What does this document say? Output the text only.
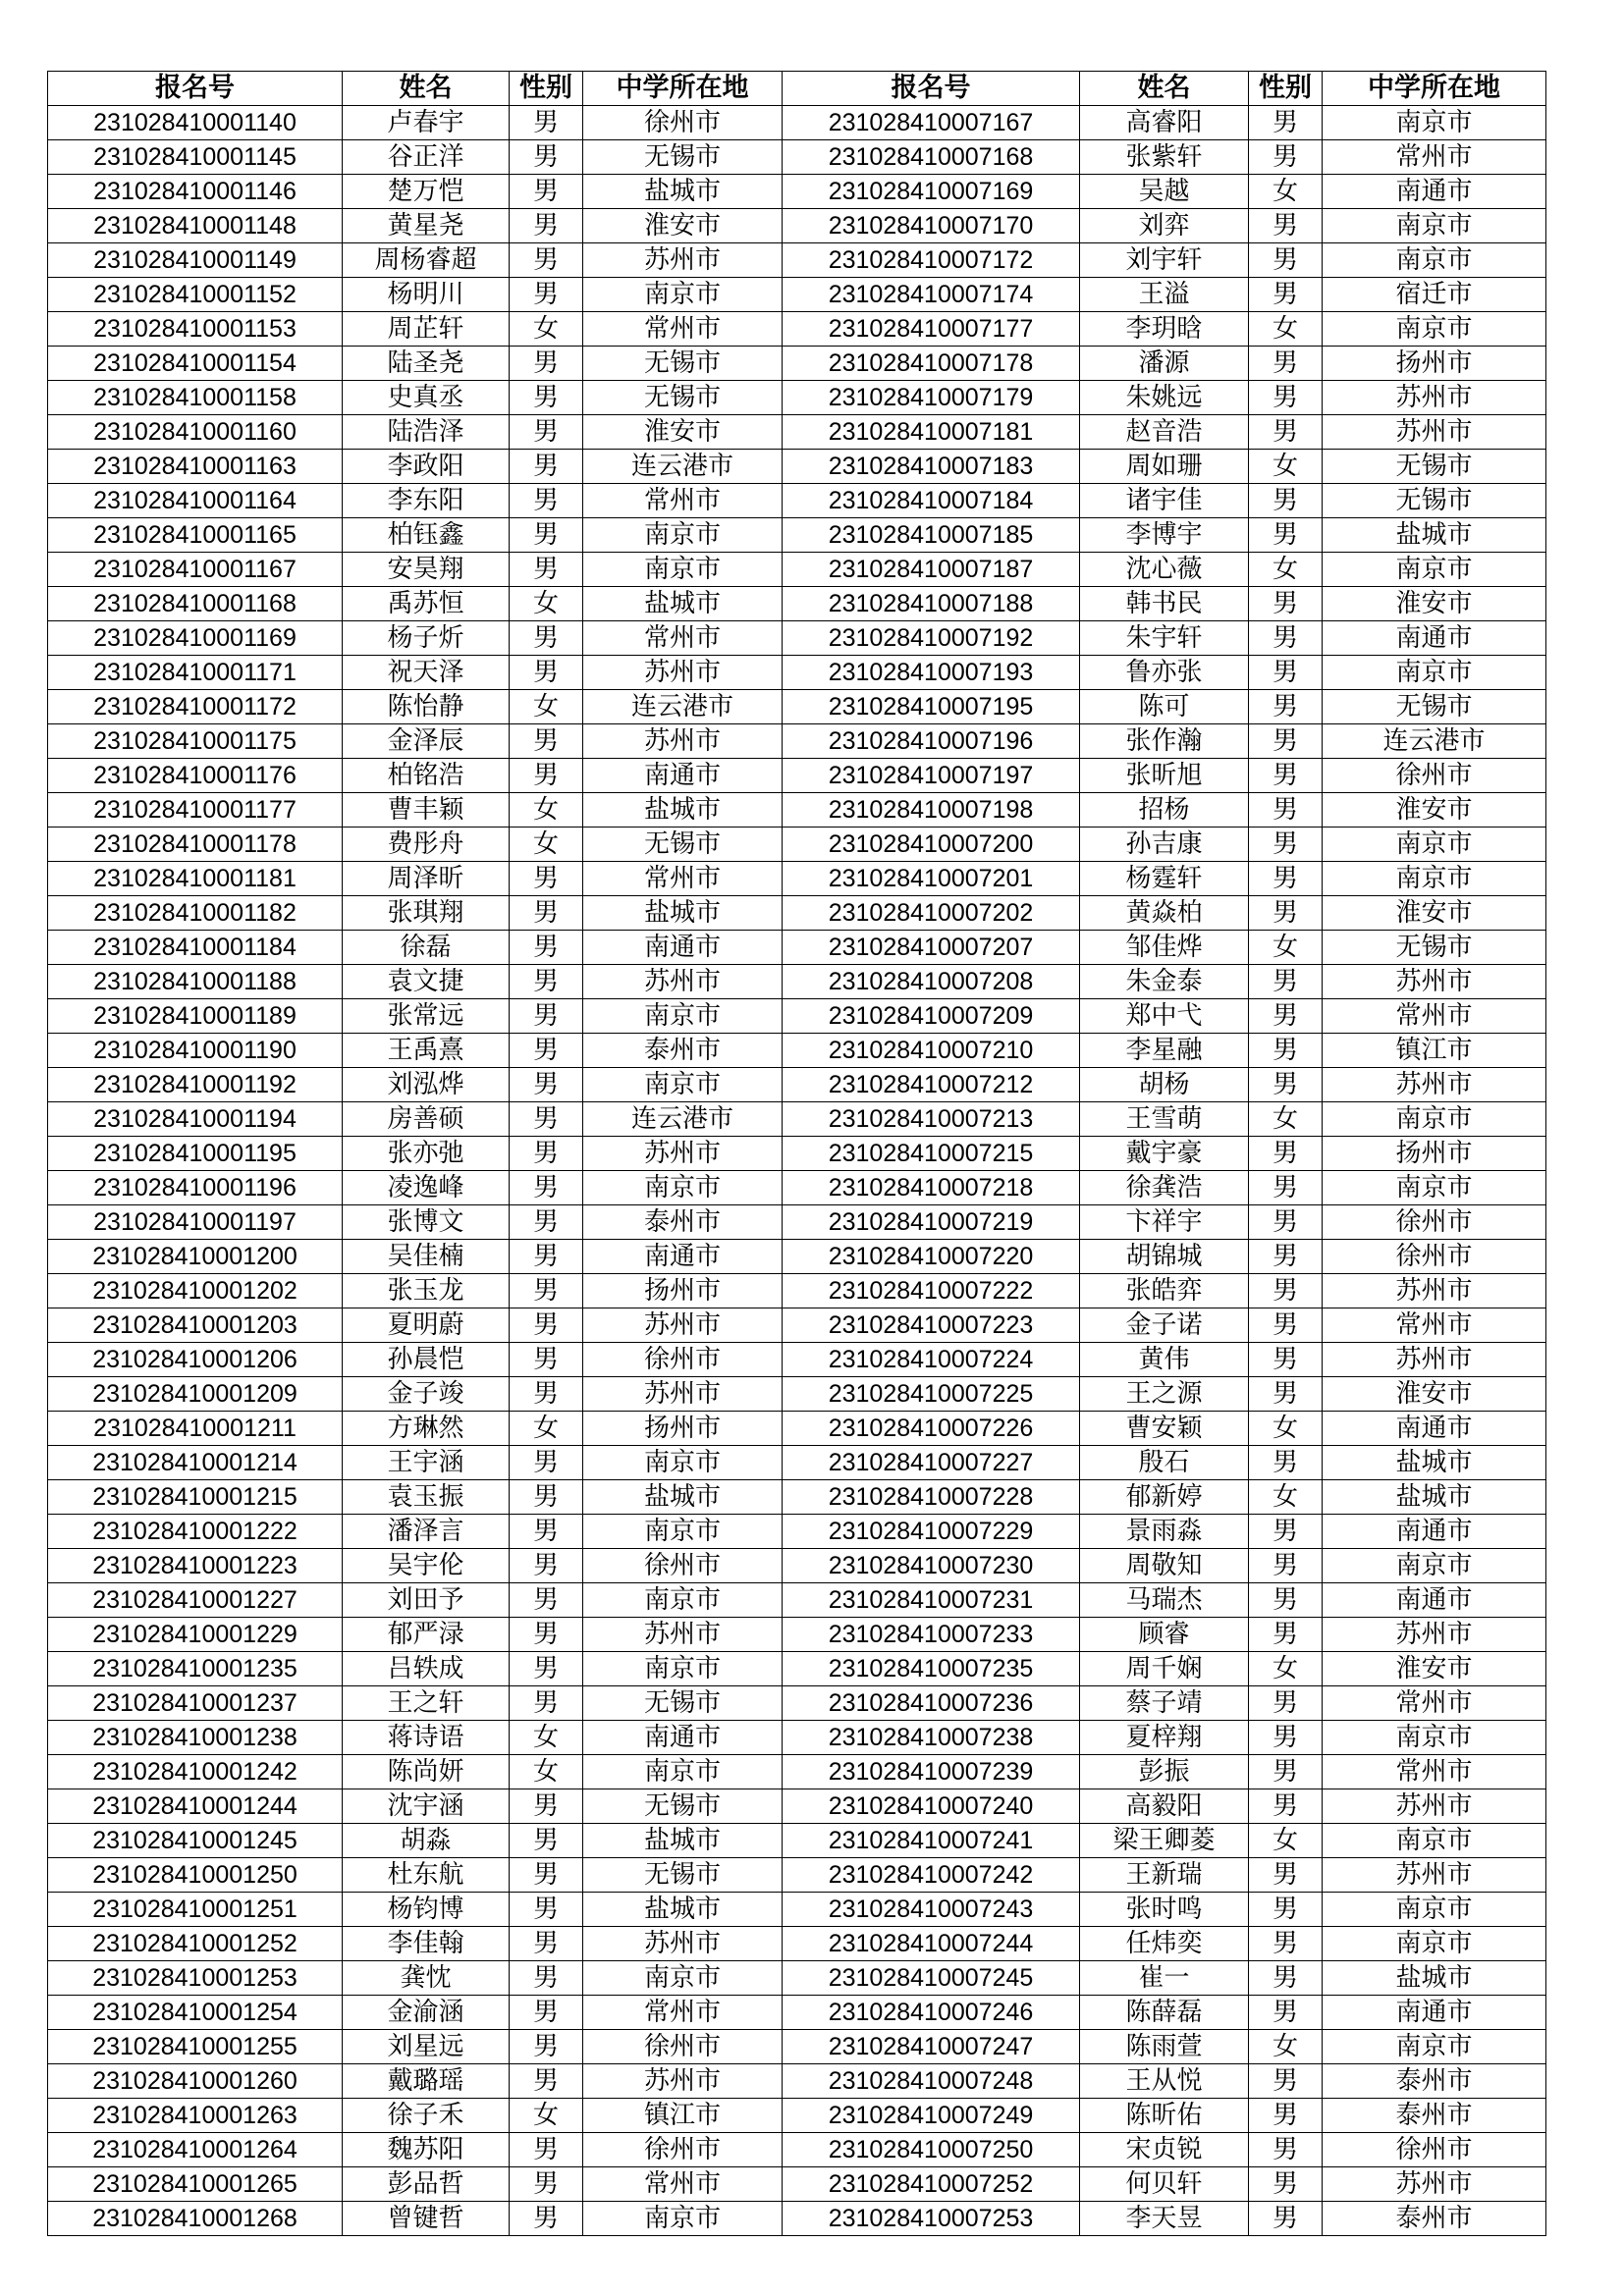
报名号	姓名	性别	中学所在地	报名号	姓名	性别	中学所在地
231028410001140	卢春宇	男	徐州市	231028410007167	高睿阳	男	南京市
231028410001145	谷正洋	男	无锡市	231028410007168	张紫轩	男	常州市
231028410001146	楚万恺	男	盐城市	231028410007169	吴越	女	南通市
231028410001148	黄星尧	男	淮安市	231028410007170	刘弈	男	南京市
231028410001149	周杨睿超	男	苏州市	231028410007172	刘宇轩	男	南京市
231028410001152	杨明川	男	南京市	231028410007174	王溢	男	宿迁市
231028410001153	周芷轩	女	常州市	231028410007177	李玥晗	女	南京市
231028410001154	陆圣尧	男	无锡市	231028410007178	潘源	男	扬州市
231028410001158	史真丞	男	无锡市	231028410007179	朱姚远	男	苏州市
231028410001160	陆浩泽	男	淮安市	231028410007181	赵音浩	男	苏州市
231028410001163	李政阳	男	连云港市	231028410007183	周如珊	女	无锡市
231028410001164	李东阳	男	常州市	231028410007184	诸宇佳	男	无锡市
231028410001165	柏钰鑫	男	南京市	231028410007185	李博宇	男	盐城市
231028410001167	安昊翔	男	南京市	231028410007187	沈心薇	女	南京市
231028410001168	禹苏恒	女	盐城市	231028410007188	韩书民	男	淮安市
231028410001169	杨子炘	男	常州市	231028410007192	朱宇轩	男	南通市
231028410001171	祝天泽	男	苏州市	231028410007193	鲁亦张	男	南京市
231028410001172	陈怡静	女	连云港市	231028410007195	陈可	男	无锡市
231028410001175	金泽辰	男	苏州市	231028410007196	张作瀚	男	连云港市
231028410001176	柏铭浩	男	南通市	231028410007197	张昕旭	男	徐州市
231028410001177	曹丰颖	女	盐城市	231028410007198	招杨	男	淮安市
231028410001178	费彤舟	女	无锡市	231028410007200	孙吉康	男	南京市
231028410001181	周泽昕	男	常州市	231028410007201	杨霆轩	男	南京市
231028410001182	张琪翔	男	盐城市	231028410007202	黄焱柏	男	淮安市
231028410001184	徐磊	男	南通市	231028410007207	邹佳烨	女	无锡市
231028410001188	袁文捷	男	苏州市	231028410007208	朱金泰	男	苏州市
231028410001189	张常远	男	南京市	231028410007209	郑中弋	男	常州市
231028410001190	王禹熹	男	泰州市	231028410007210	李星融	男	镇江市
231028410001192	刘泓烨	男	南京市	231028410007212	胡杨	男	苏州市
231028410001194	房善硕	男	连云港市	231028410007213	王雪萌	女	南京市
231028410001195	张亦弛	男	苏州市	231028410007215	戴宇豪	男	扬州市
231028410001196	凌逸峰	男	南京市	231028410007218	徐龚浩	男	南京市
231028410001197	张博文	男	泰州市	231028410007219	卞祥宇	男	徐州市
231028410001200	吴佳楠	男	南通市	231028410007220	胡锦城	男	徐州市
231028410001202	张玉龙	男	扬州市	231028410007222	张皓弈	男	苏州市
231028410001203	夏明蔚	男	苏州市	231028410007223	金子诺	男	常州市
231028410001206	孙晨恺	男	徐州市	231028410007224	黄伟	男	苏州市
231028410001209	金子竣	男	苏州市	231028410007225	王之源	男	淮安市
231028410001211	方琳然	女	扬州市	231028410007226	曹安颖	女	南通市
231028410001214	王宇涵	男	南京市	231028410007227	殷石	男	盐城市
231028410001215	袁玉振	男	盐城市	231028410007228	郁新婷	女	盐城市
231028410001222	潘泽言	男	南京市	231028410007229	景雨淼	男	南通市
231028410001223	吴宇伦	男	徐州市	231028410007230	周敬知	男	南京市
231028410001227	刘田予	男	南京市	231028410007231	马瑞杰	男	南通市
231028410001229	郁严渌	男	苏州市	231028410007233	顾睿	男	苏州市
231028410001235	吕轶成	男	南京市	231028410007235	周千娴	女	淮安市
231028410001237	王之轩	男	无锡市	231028410007236	蔡子靖	男	常州市
231028410001238	蒋诗语	女	南通市	231028410007238	夏梓翔	男	南京市
231028410001242	陈尚妍	女	南京市	231028410007239	彭振	男	常州市
231028410001244	沈宇涵	男	无锡市	231028410007240	高毅阳	男	苏州市
231028410001245	胡淼	男	盐城市	231028410007241	梁王卿菱	女	南京市
231028410001250	杜东航	男	无锡市	231028410007242	王新瑞	男	苏州市
231028410001251	杨钧博	男	盐城市	231028410007243	张时鸣	男	南京市
231028410001252	李佳翰	男	苏州市	231028410007244	任炜奕	男	南京市
231028410001253	龚忱	男	南京市	231028410007245	崔一	男	盐城市
231028410001254	金渝涵	男	常州市	231028410007246	陈薛磊	男	南通市
231028410001255	刘星远	男	徐州市	231028410007247	陈雨萱	女	南京市
231028410001260	戴璐瑶	男	苏州市	231028410007248	王从悦	男	泰州市
231028410001263	徐子禾	女	镇江市	231028410007249	陈昕佑	男	泰州市
231028410001264	魏苏阳	男	徐州市	231028410007250	宋贞锐	男	徐州市
231028410001265	彭品哲	男	常州市	231028410007252	何贝轩	男	苏州市
231028410001268	曾键哲	男	南京市	231028410007253	李天昱	男	泰州市
